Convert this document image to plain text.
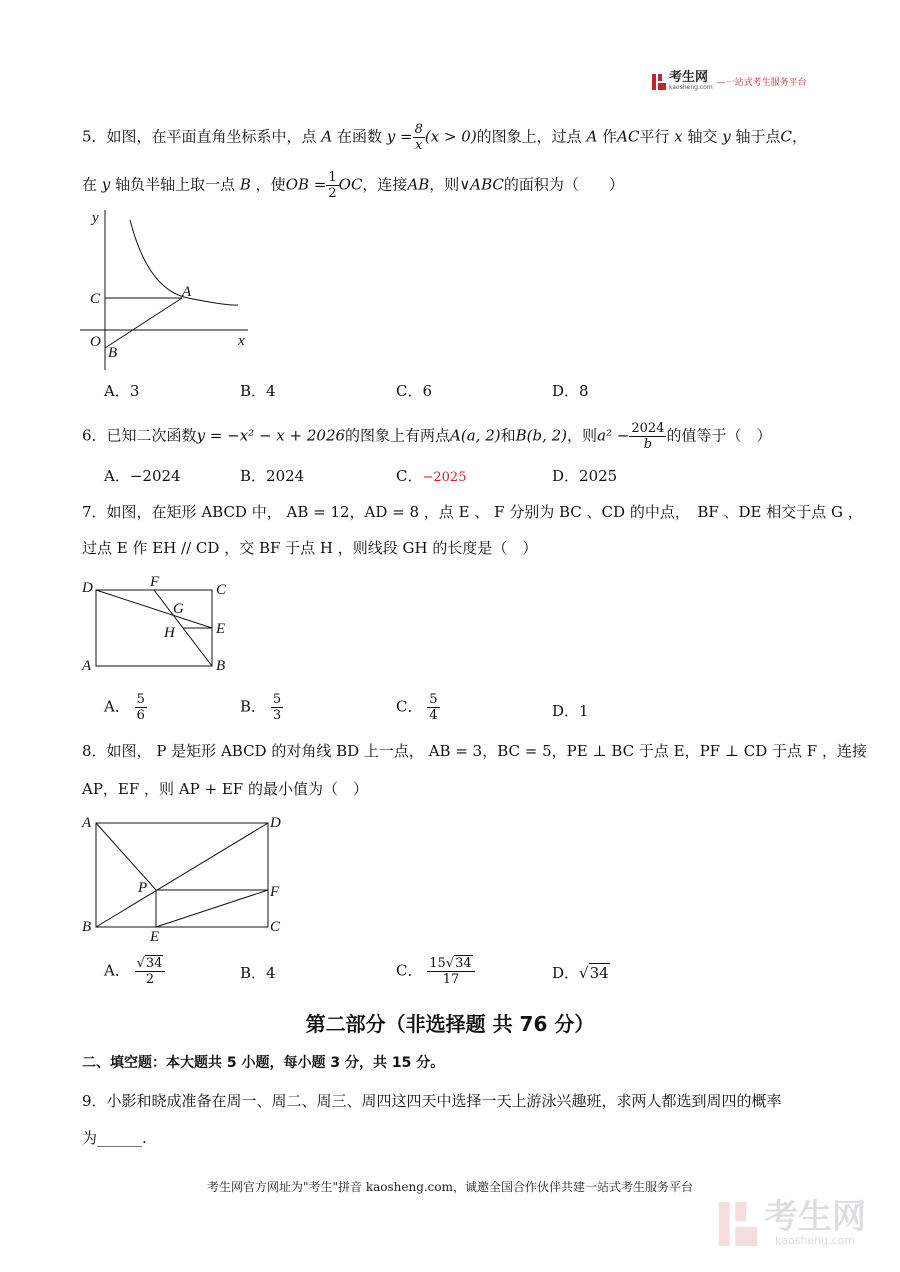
考生网
kaosheng.com —一站式考生服务平台
5．如图，在平面直角坐标系中，点 A 在函数 $y = \frac{8}{x} (x > 0)$的图象上，过点 A 作AC平行 x 轴交 y 轴于点C，
在 y 轴负半轴上取一点 B ，使OB = $\frac{1}{2}$ OC，连接AB，则∨ABC的面积为（　　）
y
x
C	A
O
B
A．3	B．4	C．6	D．8
6．已知二次函数y = −x² − x + 2026的图象上有两点A(a, 2)和B(b, 2)，则$a^2 - \frac{2024}{b}$ 的值等于（　）
A．−2024	B．2024	C．−2025	D．2025
7．如图，在矩形 ABCD 中， AB = 12，AD = 8 ，点 E 、 F 分别为 BC 、CD 的中点，　BF 、DE 相交于点 G ，
过点 E 作 EH // CD ，交 BF 于点 H ，则线段 GH 的长度是（　）
D	F	C
G
H	E
A	B
A． $\frac{5}{6}$	B． $\frac{5}{3}$	C． $\frac{5}{4}$	D．1
8．如图， P 是矩形 ABCD 的对角线 BD 上一点， AB = 3，BC = 5，PE ⊥ BC 于点 E，PF ⊥ CD 于点 F ，连接
AP，EF ，则 AP + EF 的最小值为（　）
A	D
P	F
B
E
C
A． $\frac{√34}{2}$	B．4	C． $\frac{15√34}{17}$	D．√34
第二部分（非选择题 共 76 分）
二、填空题：本大题共 5 小题，每小题 3 分，共 15 分。
9．小影和晓成准备在周一、周二、周三、周四这四天中选择一天上游泳兴趣班，求两人都选到周四的概率
为______.
考生网官方网址为"考生"拼音 kaosheng.com，诚邀全国合作伙伴共建一站式考生服务平台
考生网
kaosheng.com
